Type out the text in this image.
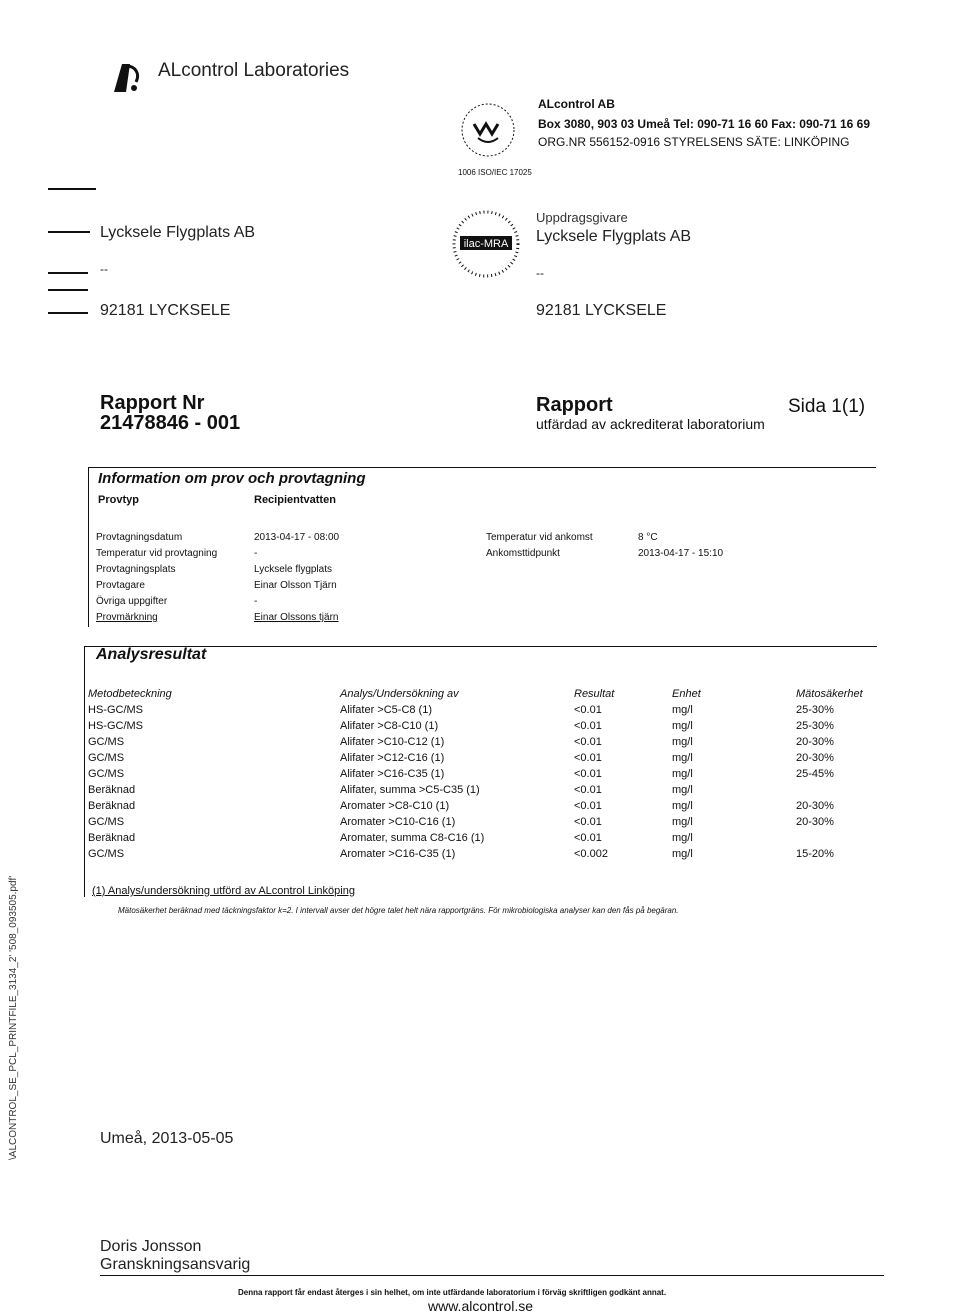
ALcontrol Laboratories
1006 ISO/IEC 17025
ALcontrol AB
Box 3080, 903 03 Umeå Tel: 090-71 16 60 Fax: 090-71 16 69
ORG.NR 556152-0916 STYRELSENS SÄTE: LINKÖPING
Lycksele Flygplats AB
--
92181 LYCKSELE
ilac-MRA
Uppdragsgivare
Lycksele Flygplats AB
--
92181 LYCKSELE
Rapport Nr
21478846 - 001
Rapport
utfärdad av ackrediterat laboratorium
Sida 1(1)
Information om prov och provtagning
Provtyp	Recipientvatten
Provtagningsdatum	2013-04-17 - 08:00
Temperatur vid provtagning	-
Provtagningsplats	Lycksele flygplats
Provtagare	Einar Olsson Tjärn
Övriga uppgifter	-
Provmärkning	Einar Olssons tjärn
Temperatur vid ankomst	8 °C
Ankomsttidpunkt	2013-04-17 - 15:10
Analysresultat
Metodbeteckning	Analys/Undersökning av	Resultat	Enhet	Mätosäkerhet
HS-GC/MS	Alifater >C5-C8 (1)	<0.01	mg/l	25-30%
HS-GC/MS	Alifater >C8-C10 (1)	<0.01	mg/l	25-30%
GC/MS	Alifater >C10-C12 (1)	<0.01	mg/l	20-30%
GC/MS	Alifater >C12-C16 (1)	<0.01	mg/l	20-30%
GC/MS	Alifater >C16-C35 (1)	<0.01	mg/l	25-45%
Beräknad	Alifater, summa >C5-C35 (1)	<0.01	mg/l	
Beräknad	Aromater >C8-C10 (1)	<0.01	mg/l	20-30%
GC/MS	Aromater >C10-C16 (1)	<0.01	mg/l	20-30%
Beräknad	Aromater, summa C8-C16 (1)	<0.01	mg/l	
GC/MS	Aromater >C16-C35 (1)	<0.002	mg/l	15-20%
(1) Analys/undersökning utförd av ALcontrol Linköping
Mätosäkerhet beräknad med täckningsfaktor k=2. I intervall avser det högre talet helt nära rapportgräns. För mikrobiologiska analyser kan den fås på begäran.
\ALCONTROL_SE_PCL_PRINTFILE_3134_2' '508_093505.pdf'	Umeå, 2013-05-05
Doris Jonsson
Granskningsansvarig
Denna rapport får endast återges i sin helhet, om inte utfärdande laboratorium i förväg skriftligen godkänt annat.
www.alcontrol.se
